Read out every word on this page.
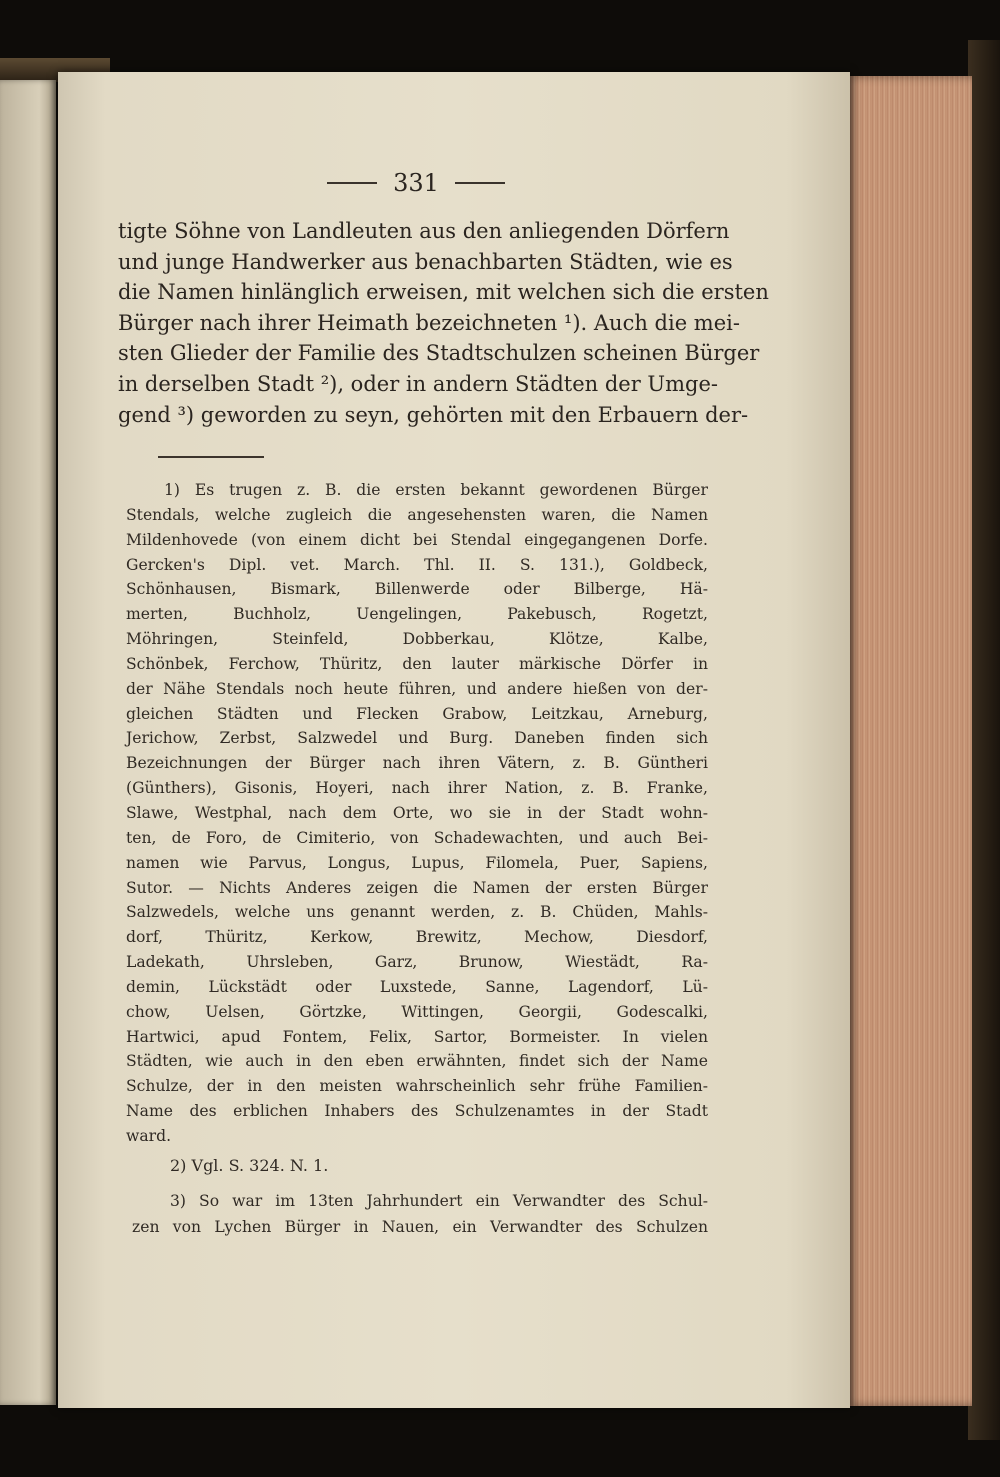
331
tigte Söhne von Landleuten aus den anliegenden Dörfern
und junge Handwerker aus benachbarten Städten, wie es
die Namen hinlänglich erweisen, mit welchen sich die ersten
Bürger nach ihrer Heimath bezeichneten ¹). Auch die mei-
sten Glieder der Familie des Stadtschulzen scheinen Bürger
in derselben Stadt ²), oder in andern Städten der Umge-
gend ³) geworden zu seyn, gehörten mit den Erbauern der-
1) Es trugen z. B. die ersten bekannt gewordenen Bürger
Stendals, welche zugleich die angesehensten waren, die Namen
Mildenhovede (von einem dicht bei Stendal eingegangenen Dorfe.
Gercken's Dipl. vet. March. Thl. II. S. 131.), Goldbeck,
Schönhausen, Bismark, Billenwerde oder Bilberge, Hä-
merten, Buchholz, Uengelingen, Pakebusch, Rogetzt,
Möhringen, Steinfeld, Dobberkau, Klötze, Kalbe,
Schönbek, Ferchow, Thüritz, den lauter märkische Dörfer in
der Nähe Stendals noch heute führen, und andere hießen von der-
gleichen Städten und Flecken Grabow, Leitzkau, Arneburg,
Jerichow, Zerbst, Salzwedel und Burg. Daneben finden sich
Bezeichnungen der Bürger nach ihren Vätern, z. B. Güntheri
(Günthers), Gisonis, Hoyeri, nach ihrer Nation, z. B. Franke,
Slawe, Westphal, nach dem Orte, wo sie in der Stadt wohn-
ten, de Foro, de Cimiterio, von Schadewachten, und auch Bei-
namen wie Parvus, Longus, Lupus, Filomela, Puer, Sapiens,
Sutor. — Nichts Anderes zeigen die Namen der ersten Bürger
Salzwedels, welche uns genannt werden, z. B. Chüden, Mahls-
dorf, Thüritz, Kerkow, Brewitz, Mechow, Diesdorf,
Ladekath, Uhrsleben, Garz, Brunow, Wiestädt, Ra-
demin, Lückstädt oder Luxstede, Sanne, Lagendorf, Lü-
chow, Uelsen, Görtzke, Wittingen, Georgii, Godescalki,
Hartwici, apud Fontem, Felix, Sartor, Bormeister. In vielen
Städten, wie auch in den eben erwähnten, findet sich der Name
Schulze, der in den meisten wahrscheinlich sehr frühe Familien-
Name des erblichen Inhabers des Schulzenamtes in der Stadt
ward.
2) Vgl. S. 324. N. 1.
3) So war im 13ten Jahrhundert ein Verwandter des Schul-
zen von Lychen Bürger in Nauen, ein Verwandter des Schulzen
